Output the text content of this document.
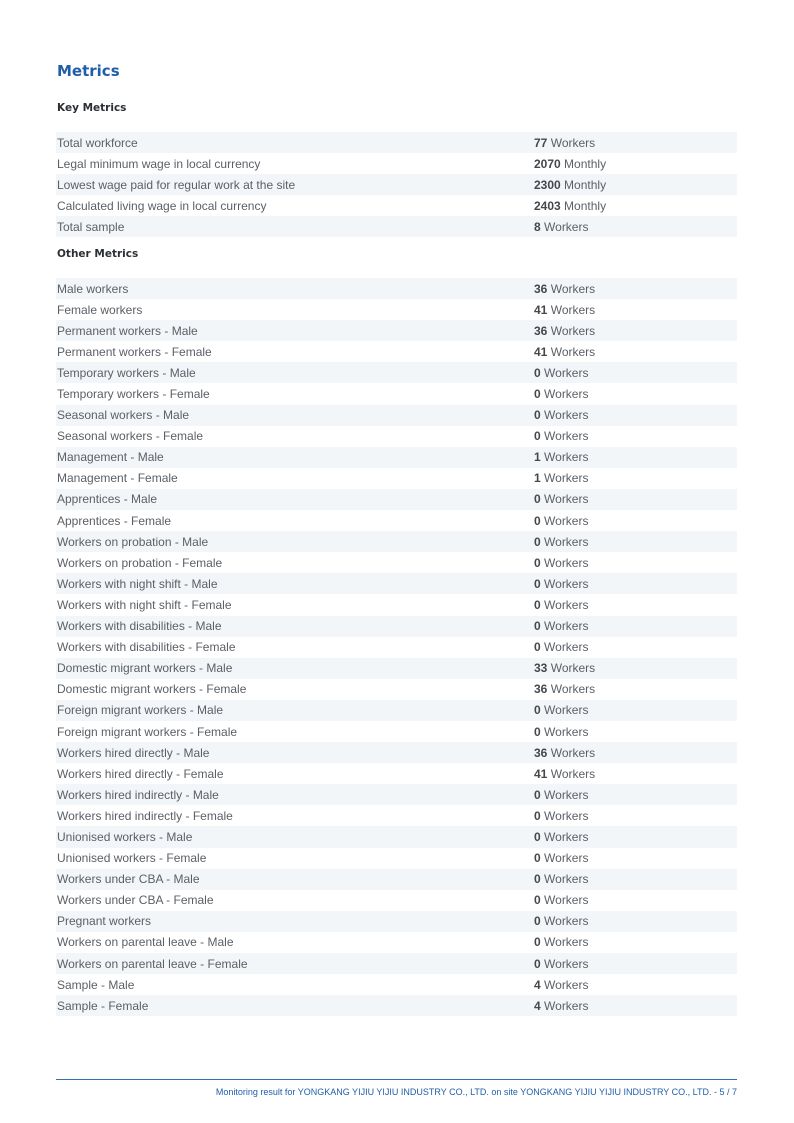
Metrics
Key Metrics
Total workforce	77 Workers
Legal minimum wage in local currency	2070 Monthly
Lowest wage paid for regular work at the site	2300 Monthly
Calculated living wage in local currency	2403 Monthly
Total sample	8 Workers
Other Metrics
Male workers	36 Workers
Female workers	41 Workers
Permanent workers - Male	36 Workers
Permanent workers - Female	41 Workers
Temporary workers - Male	0 Workers
Temporary workers - Female	0 Workers
Seasonal workers - Male	0 Workers
Seasonal workers - Female	0 Workers
Management - Male	1 Workers
Management - Female	1 Workers
Apprentices - Male	0 Workers
Apprentices - Female	0 Workers
Workers on probation - Male	0 Workers
Workers on probation - Female	0 Workers
Workers with night shift - Male	0 Workers
Workers with night shift - Female	0 Workers
Workers with disabilities - Male	0 Workers
Workers with disabilities - Female	0 Workers
Domestic migrant workers - Male	33 Workers
Domestic migrant workers - Female	36 Workers
Foreign migrant workers - Male	0 Workers
Foreign migrant workers - Female	0 Workers
Workers hired directly - Male	36 Workers
Workers hired directly - Female	41 Workers
Workers hired indirectly - Male	0 Workers
Workers hired indirectly - Female	0 Workers
Unionised workers - Male	0 Workers
Unionised workers - Female	0 Workers
Workers under CBA - Male	0 Workers
Workers under CBA - Female	0 Workers
Pregnant workers	0 Workers
Workers on parental leave - Male	0 Workers
Workers on parental leave - Female	0 Workers
Sample - Male	4 Workers
Sample - Female	4 Workers
Monitoring result for YONGKANG YIJIU YIJIU INDUSTRY CO., LTD. on site YONGKANG YIJIU YIJIU INDUSTRY CO., LTD. - 5 / 7
